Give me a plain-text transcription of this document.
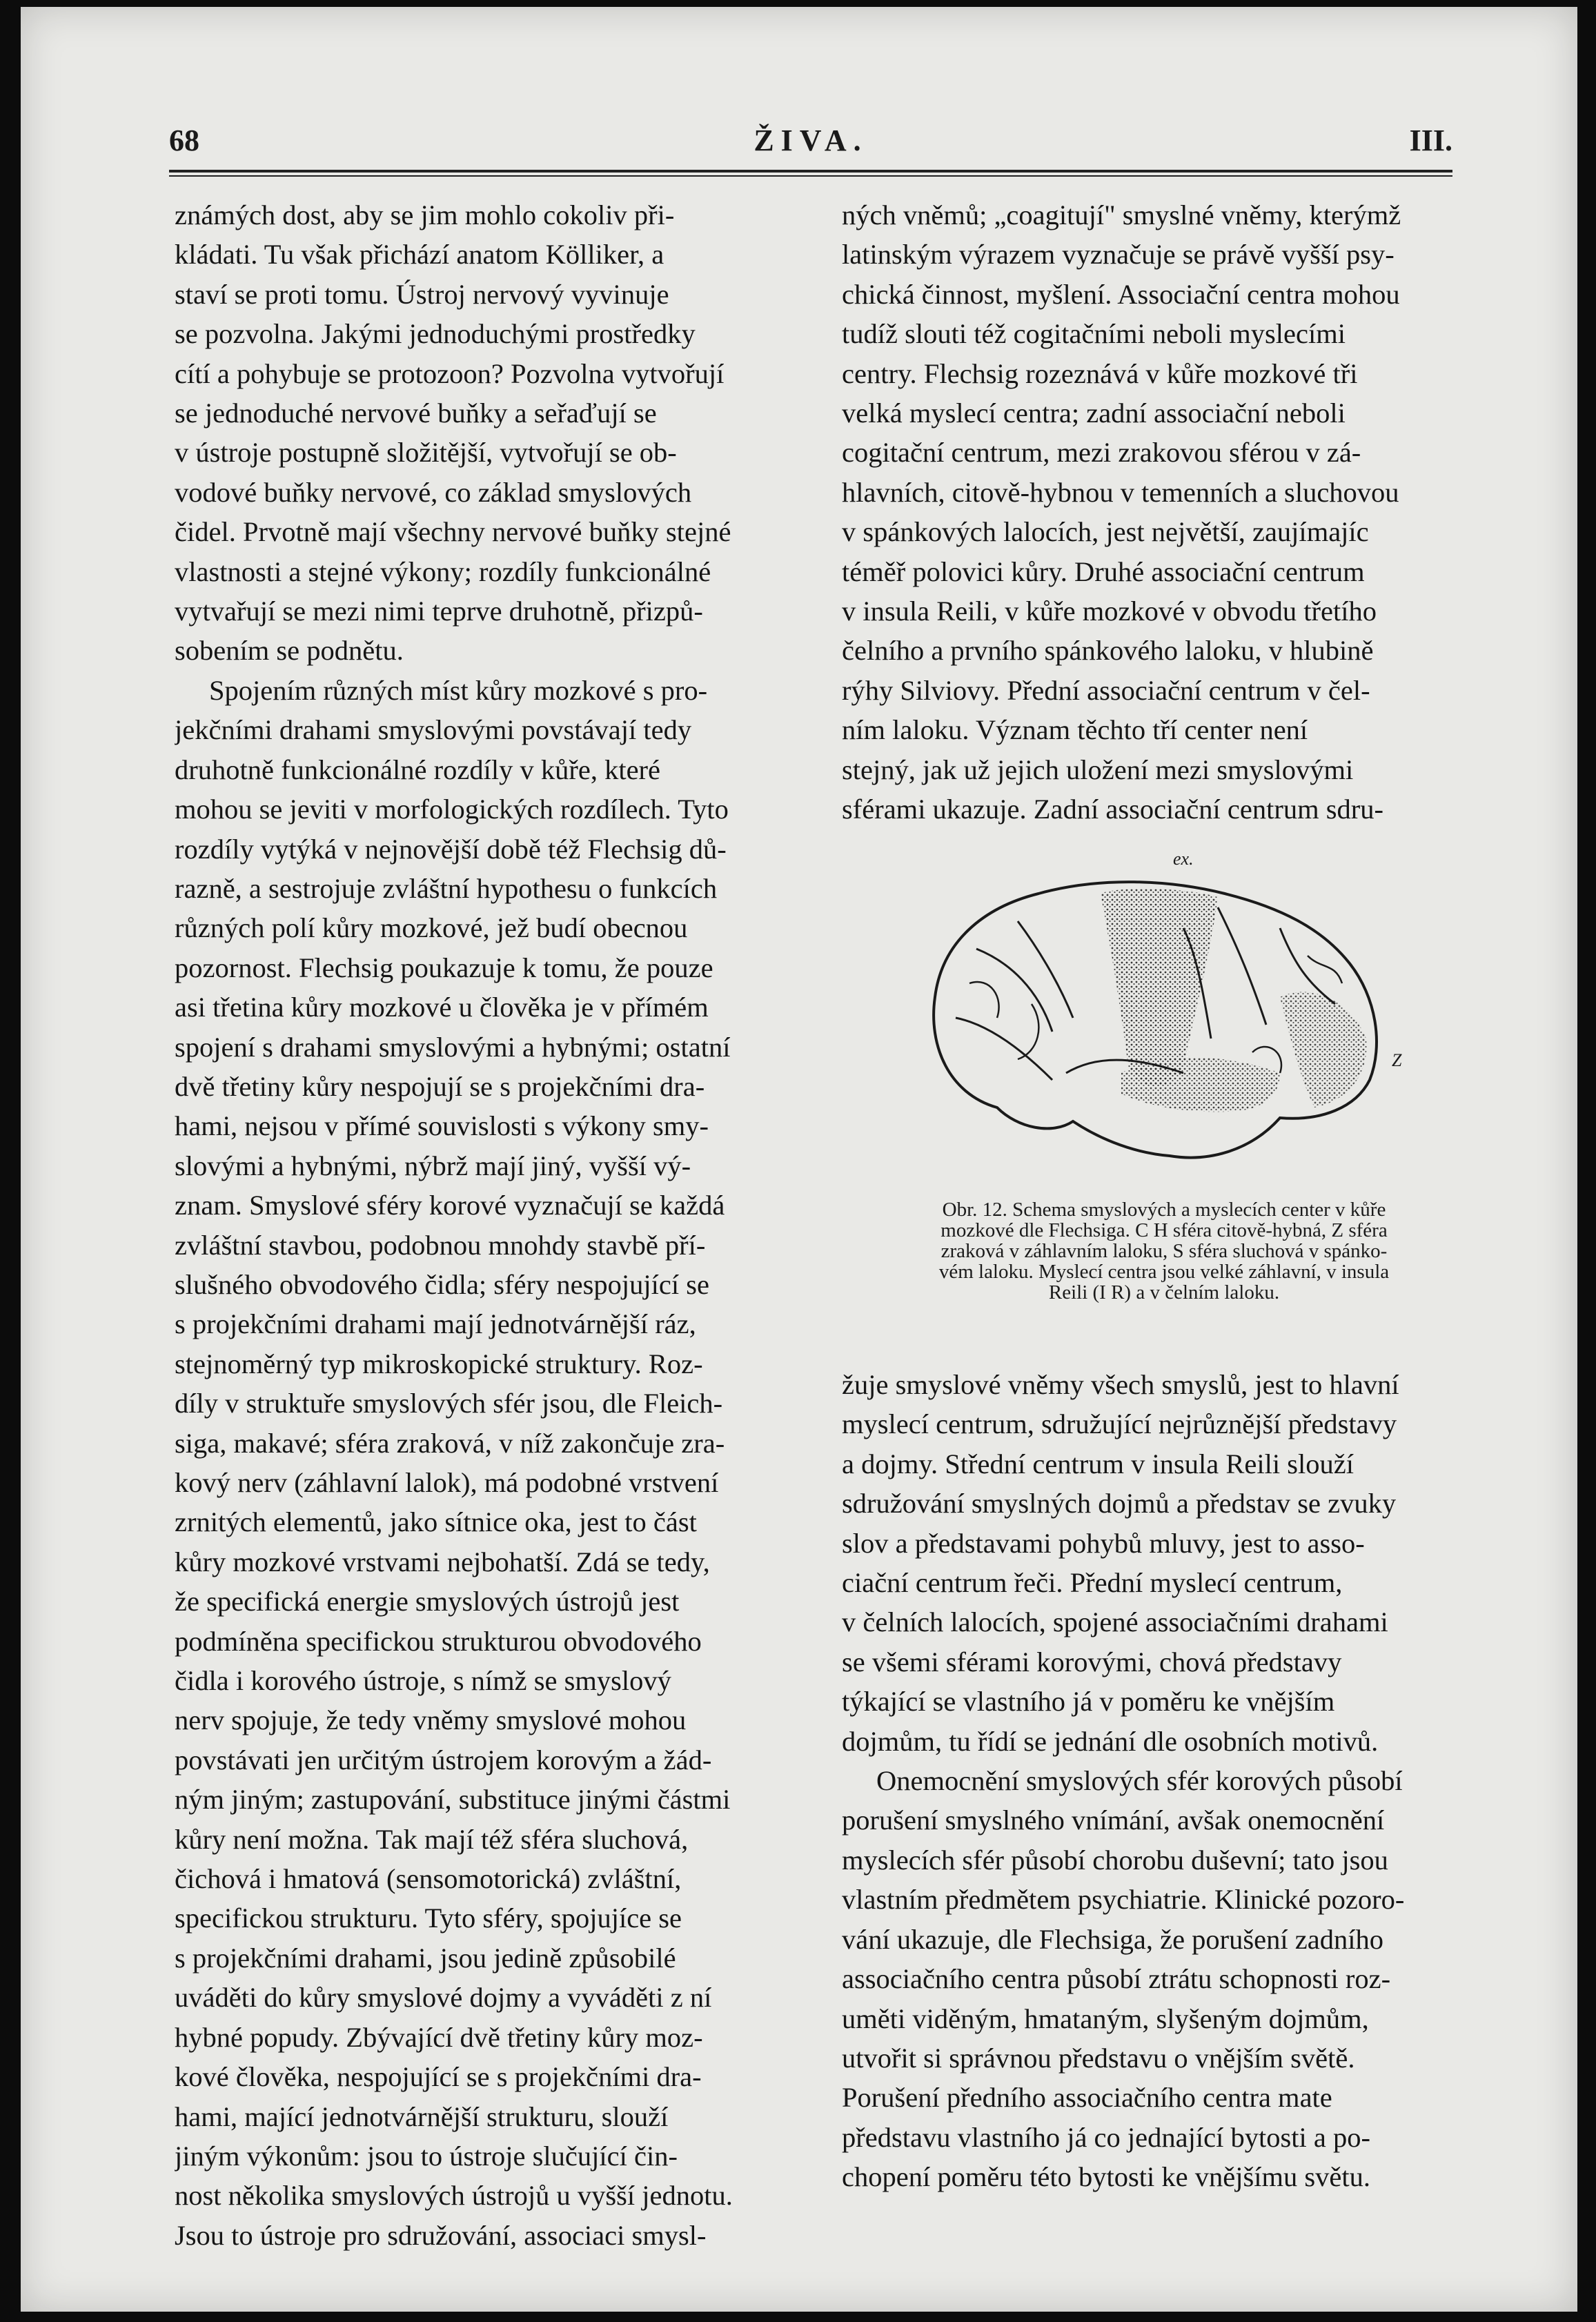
68	ŽIVA.	III.
známých dost, aby se jim mohlo cokoliv při-
kládati. Tu však přichází anatom Kölliker, a
staví se proti tomu. Ústroj nervový vyvinuje
se pozvolna. Jakými jednoduchými prostředky
cítí a pohybuje se protozoon? Pozvolna vytvořují
se jednoduché nervové buňky a seřaďují se
v ústroje postupně složitější, vytvořují se ob-
vodové buňky nervové, co základ smyslových
čidel. Prvotně mají všechny nervové buňky stejné
vlastnosti a stejné výkony; rozdíly funkcionálné
vytvařují se mezi nimi teprve druhotně, přizpů-
sobením se podnětu.
Spojením různých míst kůry mozkové s pro-
jekčními drahami smyslovými povstávají tedy
druhotně funkcionálné rozdíly v kůře, které
mohou se jeviti v morfologických rozdílech. Tyto
rozdíly vytýká v nejnovější době též Flechsig dů-
razně, a sestrojuje zvláštní hypothesu o funkcích
různých polí kůry mozkové, jež budí obecnou
pozornost. Flechsig poukazuje k tomu, že pouze
asi třetina kůry mozkové u člověka je v přímém
spojení s drahami smyslovými a hybnými; ostatní
dvě třetiny kůry nespojují se s projekčními dra-
hami, nejsou v přímé souvislosti s výkony smy-
slovými a hybnými, nýbrž mají jiný, vyšší vý-
znam. Smyslové sféry korové vyznačují se každá
zvláštní stavbou, podobnou mnohdy stavbě pří-
slušného obvodového čidla; sféry nespojující se
s projekčními drahami mají jednotvárnější ráz,
stejnoměrný typ mikroskopické struktury. Roz-
díly v struktuře smyslových sfér jsou, dle Fleich-
siga, makavé; sféra zraková, v níž zakončuje zra-
kový nerv (záhlavní lalok), má podobné vrstvení
zrnitých elementů, jako sítnice oka, jest to část
kůry mozkové vrstvami nejbohatší. Zdá se tedy,
že specifická energie smyslových ústrojů jest
podmíněna specifickou strukturou obvodového
čidla i korového ústroje, s nímž se smyslový
nerv spojuje, že tedy vněmy smyslové mohou
povstávati jen určitým ústrojem korovým a žád-
ným jiným; zastupování, substituce jinými částmi
kůry není možna. Tak mají též sféra sluchová,
čichová i hmatová (sensomotorická) zvláštní,
specifickou strukturu. Tyto sféry, spojujíce se
s projekčními drahami, jsou jedině způsobilé
uváděti do kůry smyslové dojmy a vyváděti z ní
hybné popudy. Zbývající dvě třetiny kůry moz-
kové člověka, nespojující se s projekčními dra-
hami, mající jednotvárnější strukturu, slouží
jiným výkonům: jsou to ústroje slučující čin-
nost několika smyslových ústrojů u vyšší jednotu.
Jsou to ústroje pro sdružování, associaci smysl-
ných vněmů; „coagitují" smyslné vněmy, kterýmž
latinským výrazem vyznačuje se právě vyšší psy-
chická činnost, myšlení. Associační centra mohou
tudíž slouti též cogitačními neboli myslecími
centry. Flechsig rozeznává v kůře mozkové tři
velká myslecí centra; zadní associační neboli
cogitační centrum, mezi zrakovou sférou v zá-
hlavních, citově-hybnou v temenních a sluchovou
v spánkových lalocích, jest největší, zaujímajíc
téměř polovici kůry. Druhé associační centrum
v insula Reili, v kůře mozkové v obvodu třetího
čelního a prvního spánkového laloku, v hlubině
rýhy Silviovy. Přední associační centrum v čel-
ním laloku. Význam těchto tří center není
stejný, jak už jejich uložení mezi smyslovými
sférami ukazuje. Zadní associační centrum sdru-
ex.
Z
Obr. 12. Schema smyslových a myslecích center v kůře
mozkové dle Flechsiga. C H sféra citově-hybná, Z sféra
zraková v záhlavním laloku, S sféra sluchová v spánko-
vém laloku. Myslecí centra jsou velké záhlavní, v insula
Reili (I R) a v čelním laloku.
žuje smyslové vněmy všech smyslů, jest to hlavní
myslecí centrum, sdružující nejrůznější představy
a dojmy. Střední centrum v insula Reili slouží
sdružování smyslných dojmů a představ se zvuky
slov a představami pohybů mluvy, jest to asso-
ciační centrum řeči. Přední myslecí centrum,
v čelních lalocích, spojené associačními drahami
se všemi sférami korovými, chová představy
týkající se vlastního já v poměru ke vnějším
dojmům, tu řídí se jednání dle osobních motivů.
Onemocnění smyslových sfér korových působí
porušení smyslného vnímání, avšak onemocnění
myslecích sfér působí chorobu duševní; tato jsou
vlastním předmětem psychiatrie. Klinické pozoro-
vání ukazuje, dle Flechsiga, že porušení zadního
associačního centra působí ztrátu schopnosti roz-
uměti viděným, hmataným, slyšeným dojmům,
utvořit si správnou představu o vnějším světě.
Porušení předního associačního centra mate
představu vlastního já co jednající bytosti a po-
chopení poměru této bytosti ke vnějšímu světu.
